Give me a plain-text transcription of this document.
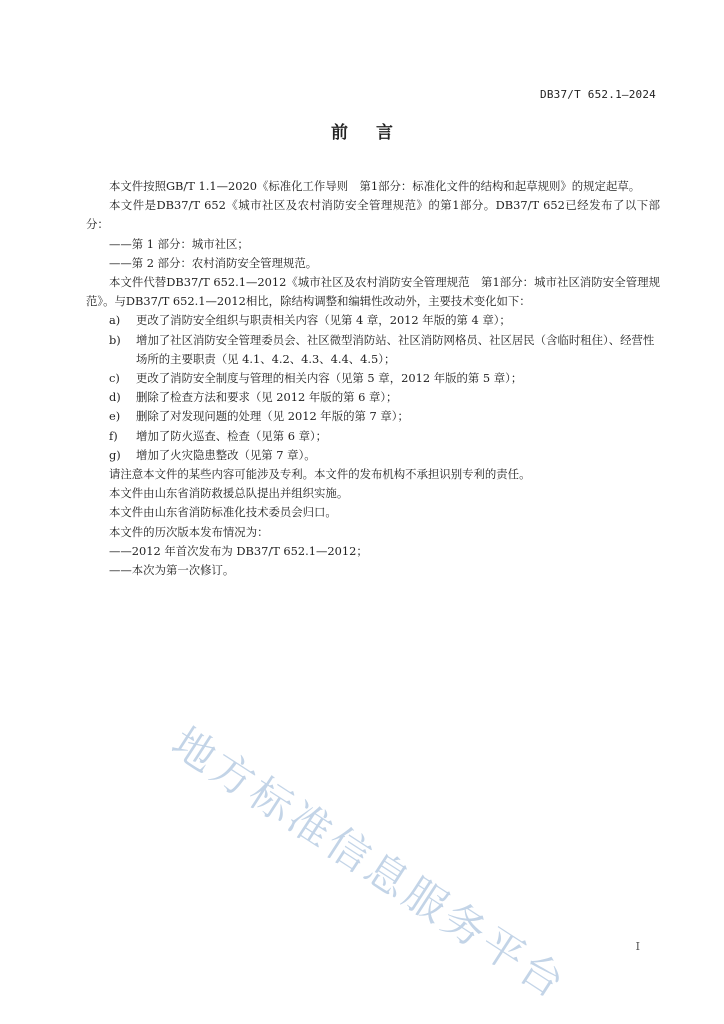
DB37/T 652.1—2024
前言

本文件按照GB/T 1.1—2020《标准化工作导则　第1部分：标准化文件的结构和起草规则》的规定起草。

本文件是DB37/T 652《城市社区及农村消防安全管理规范》的第1部分。DB37/T 652已经发布了以下部分：

——第 1 部分：城市社区；

——第 2 部分：农村消防安全管理规范。

本文件代替DB37/T 652.1—2012《城市社区及农村消防安全管理规范　第1部分：城市社区消防安全管理规范》。与DB37/T 652.1—2012相比，除结构调整和编辑性改动外，主要技术变化如下：

a)	更改了消防安全组织与职责相关内容（见第 4 章，2012 年版的第 4 章）；
b)	增加了社区消防安全管理委员会、社区微型消防站、社区消防网格员、社区居民（含临时租住）、经营性场所的主要职责（见 4.1、4.2、4.3、4.4、4.5）；
c)	更改了消防安全制度与管理的相关内容（见第 5 章，2012 年版的第 5 章）；
d)	删除了检查方法和要求（见 2012 年版的第 6 章）；
e)	删除了对发现问题的处理（见 2012 年版的第 7 章）；
f)	增加了防火巡查、检查（见第 6 章）；
g)	增加了火灾隐患整改（见第 7 章）。

请注意本文件的某些内容可能涉及专利。本文件的发布机构不承担识别专利的责任。

本文件由山东省消防救援总队提出并组织实施。

本文件由山东省消防标准化技术委员会归口。

本文件的历次版本发布情况为：

——2012 年首次发布为 DB37/T 652.1—2012；

——本次为第一次修订。

地方标准信息服务平台	I
